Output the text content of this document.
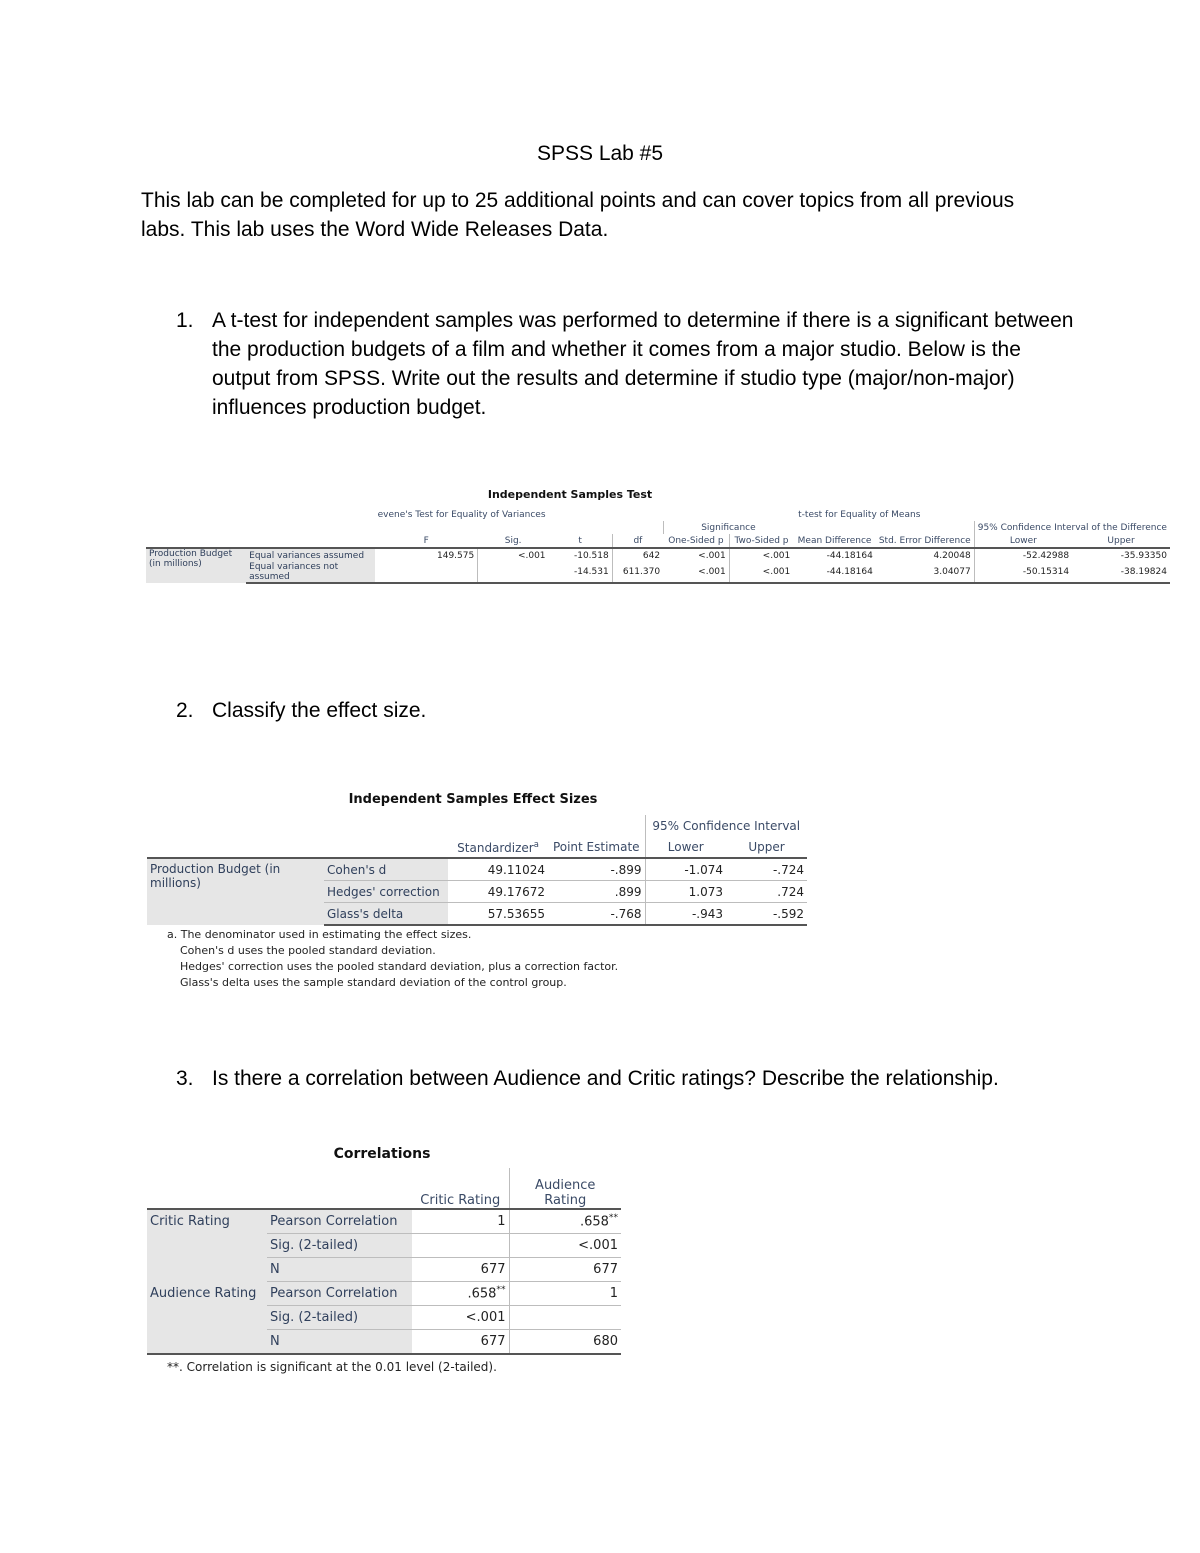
SPSS Lab #5
This lab can be completed for up to 25 additional points and can cover topics from all previous labs. This lab uses the Word Wide Releases Data.
1. A t-test for independent samples was performed to determine if there is a significant between the production budgets of a film and whether it comes from a major studio. Below is the output from SPSS. Write out the results and determine if studio type (major/non-major) influences production budget.
2. Classify the effect size.
3. Is there a correlation between Audience and Critic ratings? Describe the relationship.
Independent Samples Test
		evene's Test for Equality of Variances		t-test for Equality of Means							
						Significance				95% Confidence Interval of the Difference	
		F	Sig.	t	df	One-Sided p	Two-Sided p	Mean Difference	Std. Error Difference	Lower	Upper
Production Budget (in millions)	Equal variances assumed	149.575	<.001	-10.518	642	<.001	<.001	-44.18164	4.20048	-52.42988	-35.93350
	Equal variances not assumed			-14.531	611.370	<.001	<.001	-44.18164	3.04077	-50.15314	-38.19824
Independent Samples Effect Sizes
				95% Confidence Interval	
		Standardizer$^a$	Point Estimate	Lower	Upper
Production Budget (in millions)	Cohen's d	49.11024	-.899	-1.074	-.724
	Hedges' correction	49.17672	.899	1.073	.724
	Glass's delta	57.53655	-.768	-.943	-.592
a. The denominator used in estimating the effect sizes.
Cohen's d uses the pooled standard deviation.
Hedges' correction uses the pooled standard deviation, plus a correction factor.
Glass's delta uses the sample standard deviation of the control group.
Correlations
		Critic Rating	Audience Rating
Critic Rating	Pearson Correlation	1	.658**
	Sig. (2-tailed)		<.001
	N	677	677
Audience Rating	Pearson Correlation	.658**	1
	Sig. (2-tailed)	<.001	
	N	677	680
**. Correlation is significant at the 0.01 level (2-tailed).
